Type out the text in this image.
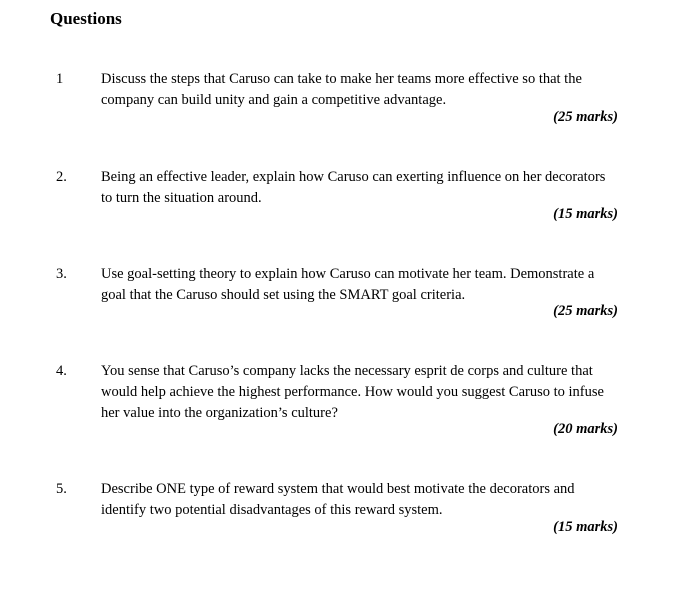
Questions
1	Discuss the steps that Caruso can take to make her teams more effective so that the
company can build unity and gain a competitive advantage.
(25 marks)
2. Being an effective leader, explain how Caruso can exerting influence on her decorators
to turn the situation around.
(15 marks)
3. Use goal-setting theory to explain how Caruso can motivate her team. Demonstrate a
goal that the Caruso should set using the SMART goal criteria.
(25 marks)
4. You sense that Caruso’s company lacks the necessary esprit de corps and culture that
would help achieve the highest performance. How would you suggest Caruso to infuse
her value into the organization’s culture?
(20 marks)
5. Describe ONE type of reward system that would best motivate the decorators and
identify two potential disadvantages of this reward system.
(15 marks)
